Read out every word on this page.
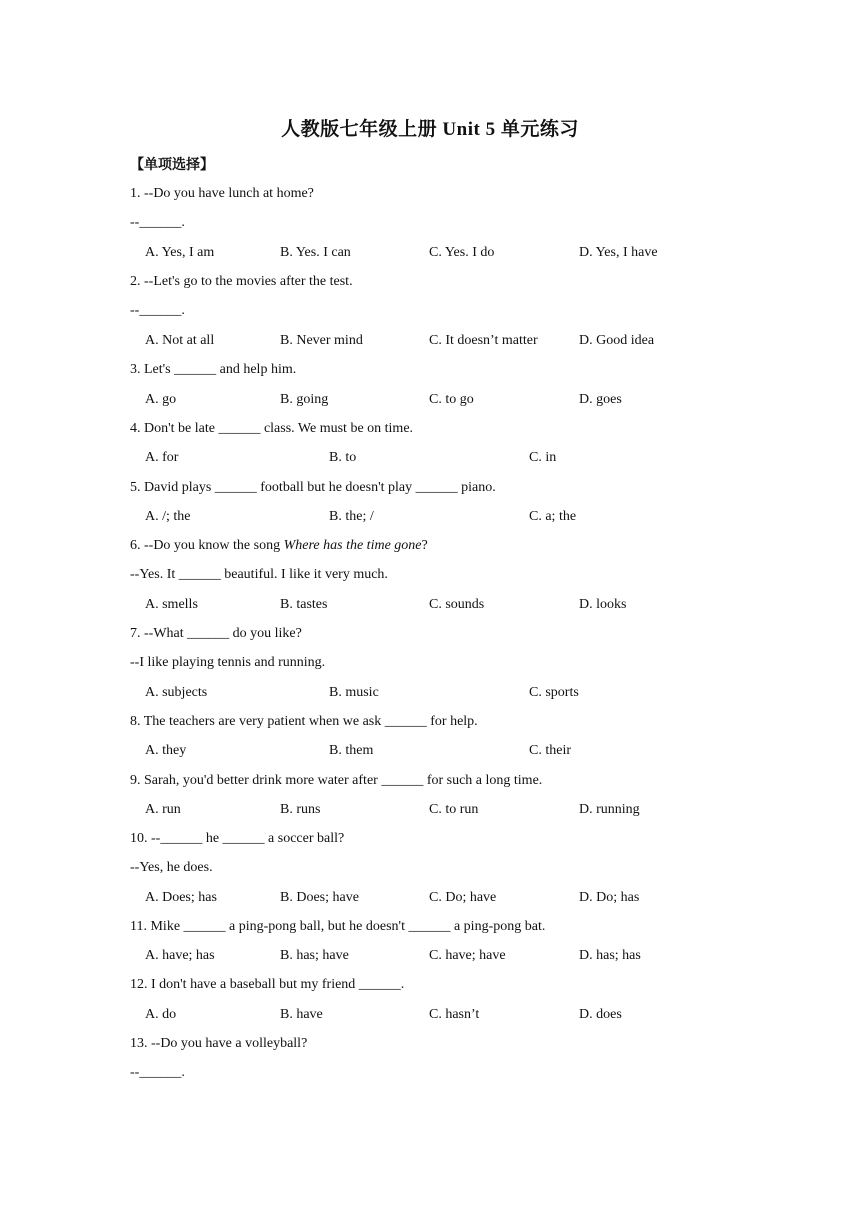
人教版七年级上册 Unit 5 单元练习
【单项选择】
1. --Do you have lunch at home?
--______.
A. Yes, I am	B. Yes. I can	C. Yes. I do	D. Yes, I have
2. --Let's go to the movies after the test.
--______.
A. Not at all	B. Never mind	C. It doesn’t matter	D. Good idea
3. Let's ______ and help him.
A. go	B. going	C. to go	D. goes
4. Don't be late ______ class. We must be on time.
A. for	B. to	C. in
5. David plays ______ football but he doesn't play ______ piano.
A. /; the	B. the; /	C. a; the
6. --Do you know the song Where has the time gone?
--Yes. It ______ beautiful. I like it very much.
A. smells	B. tastes	C. sounds	D. looks
7. --What ______ do you like?
--I like playing tennis and running.
A. subjects	B. music	C. sports
8. The teachers are very patient when we ask ______ for help.
A. they	B. them	C. their
9. Sarah, you'd better drink more water after ______ for such a long time.
A. run	B. runs	C. to run	D. running
10. --______ he ______ a soccer ball?
--Yes, he does.
A. Does; has	B. Does; have	C. Do; have	D. Do; has
11. Mike ______ a ping-pong ball, but he doesn't ______ a ping-pong bat.
A. have; has	B. has; have	C. have; have	D. has; has
12. I don't have a baseball but my friend ______.
A. do	B. have	C. hasn’t	D. does
13. --Do you have a volleyball?
--______.
